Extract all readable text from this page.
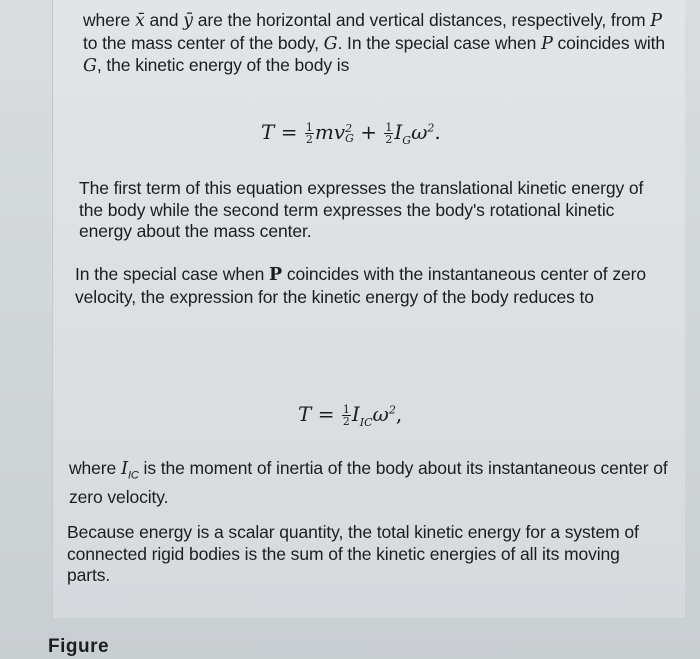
where x̄ and ȳ are the horizontal and vertical distances, respectively, from P to the mass center of the body, G. In the special case when P coincides with G, the kinetic energy of the body is

$T = \frac{1}{2}$ mv 2
$G + \frac{1}{2} I_G\omega^2$.

The first term of this equation expresses the translational kinetic energy of the body while the second term expresses the body's rotational kinetic energy about the mass center.

In the special case when P coincides with the instantaneous center of zero velocity, the expression for the kinetic energy of the body reduces to

$T = \frac{1}{2} I_{IC}\omega^2$,

where $I_{IC}$ is the moment of inertia of the body about its instantaneous center of zero velocity.

Because energy is a scalar quantity, the total kinetic energy for a system of connected rigid bodies is the sum of the kinetic energies of all its moving parts.

Figure
